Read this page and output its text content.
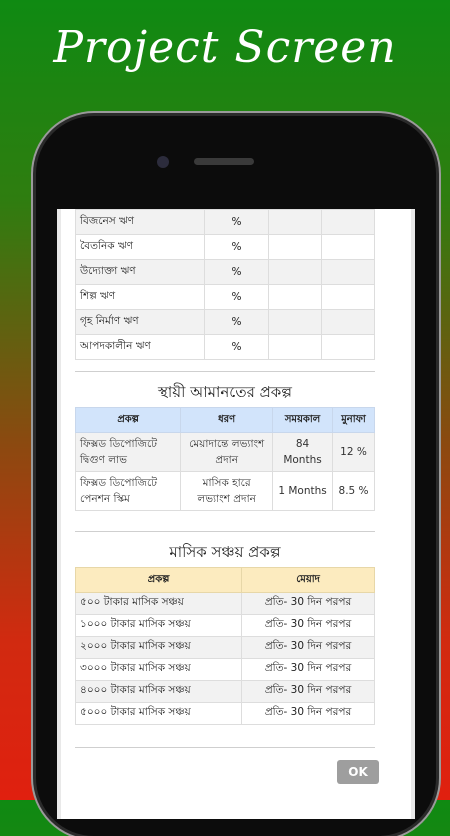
Project Screen
বিজনেস ঋণ	%		
বৈতনিক ঋণ	%		
উদ্যোক্তা ঋণ	%		
শিল্প ঋণ	%		
গৃহ নির্মাণ ঋণ	%		
আপদকালীন ঋণ	%		
স্থায়ী আমানতের প্রকল্প
প্রকল্প	ধরণ	সময়কাল	মুনাফা
ফিক্সড ডিপোজিটে দ্বিগুণ লাভ	মেয়াদান্তে লভ্যাংশ প্রদান	84 Months	12 %
ফিক্সড ডিপোজিটে পেনশন স্কিম	মাসিক হারে লভ্যাংশ প্রদান	1 Months	8.5 %
মাসিক সঞ্চয় প্রকল্প
প্রকল্প	মেয়াদ
৫০০ টাকার মাসিক সঞ্চয়	প্রতি- 30 দিন পরপর
১০০০ টাকার মাসিক সঞ্চয়	প্রতি- 30 দিন পরপর
২০০০ টাকার মাসিক সঞ্চয়	প্রতি- 30 দিন পরপর
৩০০০ টাকার মাসিক সঞ্চয়	প্রতি- 30 দিন পরপর
৪০০০ টাকার মাসিক সঞ্চয়	প্রতি- 30 দিন পরপর
৫০০০ টাকার মাসিক সঞ্চয়	প্রতি- 30 দিন পরপর
OK
